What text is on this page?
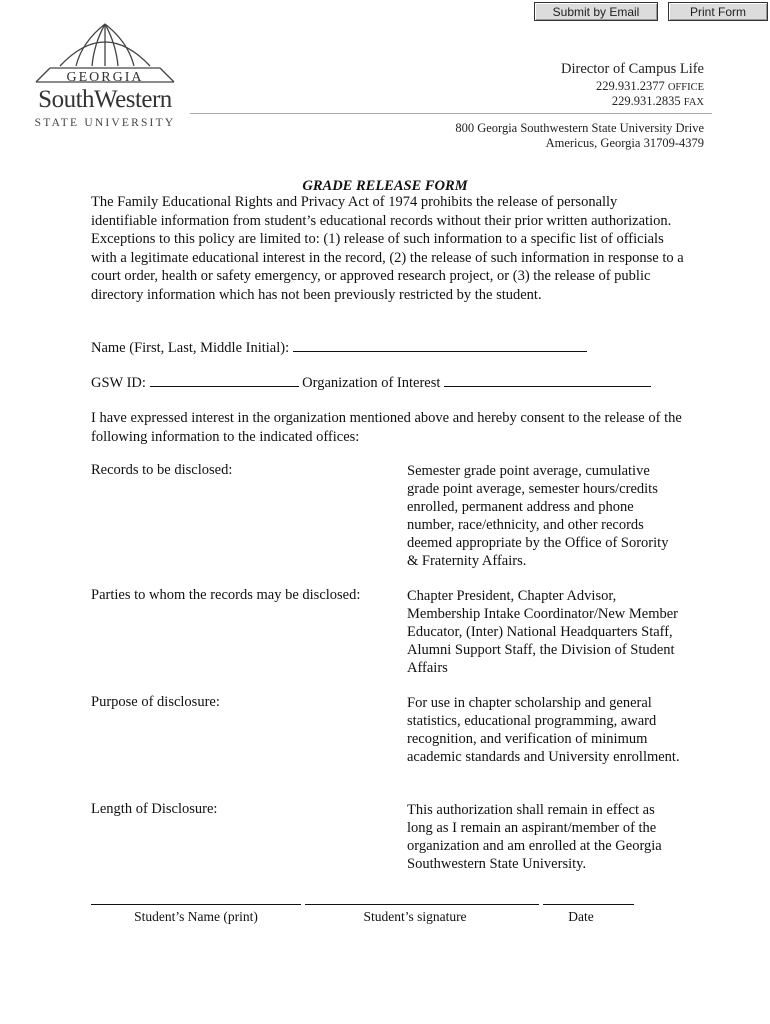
Submit by Email	Print Form
GEORGIA
SouthWestern
STATE UNIVERSITY
Director of Campus Life
229.931.2377 OFFICE
229.931.2835 FAX
800 Georgia Southwestern State University Drive
Americus, Georgia 31709-4379
GRADE RELEASE FORM
The Family Educational Rights and Privacy Act of 1974 prohibits the release of personally identifiable information from student’s educational records without their prior written authorization. Exceptions to this policy are limited to: (1) release of such information to a specific list of officials with a legitimate educational interest in the record, (2) the release of such information in response to a court order, health or safety emergency, or approved research project, or (3) the release of public directory information which has not been previously restricted by the student.
Name (First, Last, Middle Initial):
GSW ID:	Organization of Interest
I have expressed interest in the organization mentioned above and hereby consent to the release of the following information to the indicated offices:
Records to be disclosed:	Semester grade point average, cumulative grade point average, semester hours/credits enrolled, permanent address and phone number, race/ethnicity, and other records deemed appropriate by the Office of Sorority & Fraternity Affairs.
Parties to whom the records may be disclosed:	Chapter President, Chapter Advisor, Membership Intake Coordinator/New Member Educator, (Inter) National Headquarters Staff, Alumni Support Staff, the Division of Student Affairs
Purpose of disclosure:	For use in chapter scholarship and general statistics, educational programming, award recognition, and verification of minimum academic standards and University enrollment.
Length of Disclosure:	This authorization shall remain in effect as long as I remain an aspirant/member of the organization and am enrolled at the Georgia Southwestern State University.
Student’s Name (print)	Student’s signature	Date
